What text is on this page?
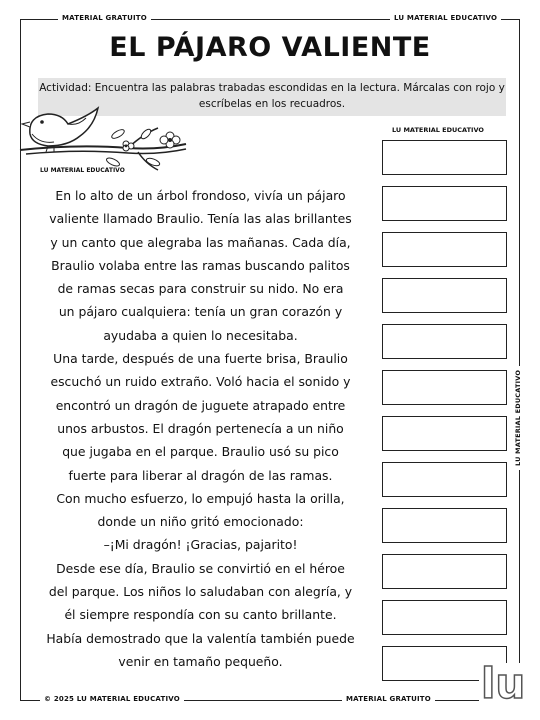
MATERIAL GRATUITO	LU MATERIAL EDUCATIVO
© 2025 LU MATERIAL EDUCATIVO	MATERIAL GRATUITO
LU MATERIAL EDUCATIVO
EL PÁJARO VALIENTE
Actividad: Encuentra las palabras trabadas escondidas en la lectura. Márcalas con rojo y escríbelas en los recuadros.
LU MATERIAL EDUCATIVO
LU MATERIAL EDUCATIVO

En lo alto de un árbol frondoso, vivía un pájaro

valiente llamado Braulio. Tenía las alas brillantes

y un canto que alegraba las mañanas. Cada día,

Braulio volaba entre las ramas buscando palitos

de ramas secas para construir su nido. No era

un pájaro cualquiera: tenía un gran corazón y

ayudaba a quien lo necesitaba.

Una tarde, después de una fuerte brisa, Braulio

escuchó un ruido extraño. Voló hacia el sonido y

encontró un dragón de juguete atrapado entre

unos arbustos. El dragón pertenecía a un niño

que jugaba en el parque. Braulio usó su pico

fuerte para liberar al dragón de las ramas.

Con mucho esfuerzo, lo empujó hasta la orilla,

donde un niño gritó emocionado:

–¡Mi dragón! ¡Gracias, pajarito!

Desde ese día, Braulio se convirtió en el héroe

del parque. Los niños lo saludaban con alegría, y

él siempre respondía con su canto brillante.

Había demostrado que la valentía también puede

venir en tamaño pequeño.	lu
